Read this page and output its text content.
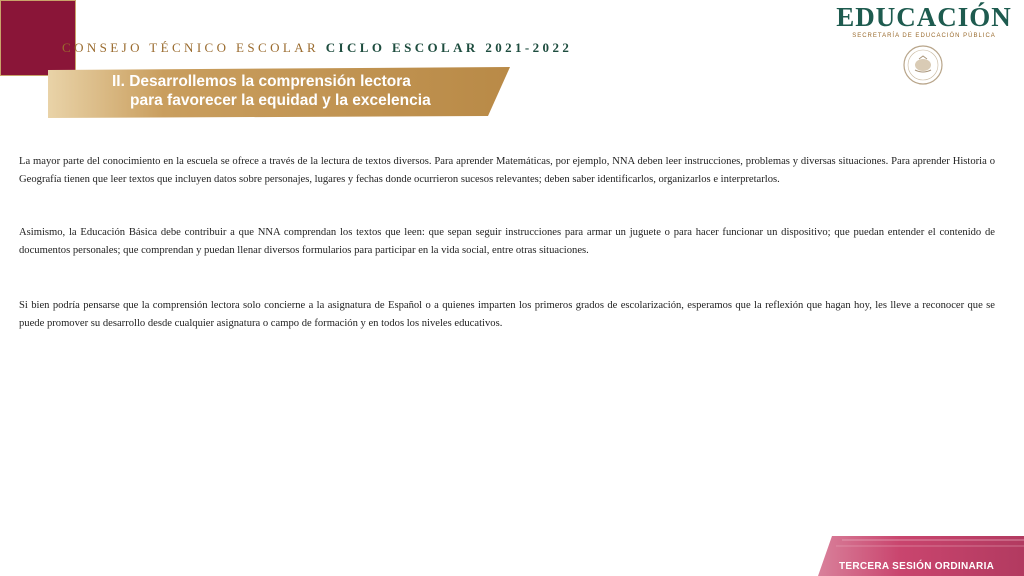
CONSEJO TÉCNICO ESCOLAR CICLO ESCOLAR 2021-2022
EDUCACIÓN
SECRETARÍA DE EDUCACIÓN PÚBLICA
II. Desarrollemos la comprensión lectora
para favorecer la equidad y la excelencia

La mayor parte del conocimiento en la escuela se ofrece a través de la lectura de textos diversos. Para aprender Matemáticas, por ejemplo, NNA deben leer instrucciones, problemas y diversas situaciones. Para aprender Historia o Geografía tienen que leer textos que incluyen datos sobre personajes, lugares y fechas donde ocurrieron sucesos relevantes; deben saber identificarlos, organizarlos e interpretarlos.

Asimismo, la Educación Básica debe contribuir a que NNA comprendan los textos que leen: que sepan seguir instrucciones para armar un juguete o para hacer funcionar un dispositivo; que puedan entender el contenido de documentos personales; que comprendan y puedan llenar diversos formularios para participar en la vida social, entre otras situaciones.

Si bien podría pensarse que la comprensión lectora solo concierne a la asignatura de Español o a quienes imparten los primeros grados de escolarización, esperamos que la reflexión que hagan hoy, les lleve a reconocer que se puede promover su desarrollo desde cualquier asignatura o campo de formación y en todos los niveles educativos.

TERCERA SESIÓN ORDINARIA
